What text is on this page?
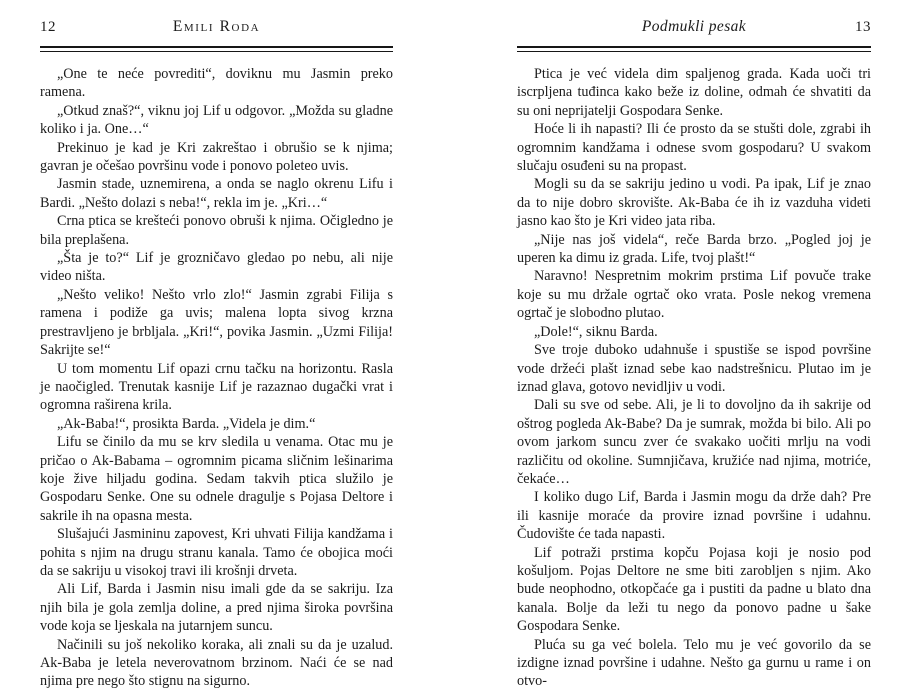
12	Emili Roda

„One te neće povrediti“, doviknu mu Jasmin preko ramena.

„Otkud znaš?“, viknu joj Lif u odgovor. „Možda su gladne koliko i ja. One…“

Prekinuo je kad je Kri zakreštao i obrušio se k njima; gavran je očešao površinu vode i ponovo poleteo uvis.

Jasmin stade, uznemirena, a onda se naglo okrenu Lifu i Bardi. „Nešto dolazi s neba!“, rekla im je. „Kri…“

Crna ptica se krešteći ponovo obruši k njima. Očigledno je bila preplašena.

„Šta je to?“ Lif je grozničavo gledao po nebu, ali nije video ništa.

„Nešto veliko! Nešto vrlo zlo!“ Jasmin zgrabi Filija s ramena i podiže ga uvis; malena lopta sivog krzna prestravljeno je brbljala. „Kri!“, povika Jasmin. „Uzmi Filija! Sakrijte se!“

U tom momentu Lif opazi crnu tačku na horizontu. Rasla je naočigled. Trenutak kasnije Lif je razaznao dugački vrat i ogromna raširena krila.

„Ak-Baba!“, prosikta Barda. „Videla je dim.“

Lifu se činilo da mu se krv sledila u venama. Otac mu je pričao o Ak-Babama – ogromnim picama sličnim lešinarima koje žive hiljadu godina. Sedam takvih ptica služilo je Gospodaru Senke. One su odnele dragulje s Pojasa Deltore i sakrile ih na opasna mesta.

Slušajući Jasmininu zapovest, Kri uhvati Filija kandžama i pohita s njim na drugu stranu kanala. Tamo će obojica moći da se sakriju u visokoj travi ili krošnji drveta.

Ali Lif, Barda i Jasmin nisu imali gde da se sakriju. Iza njih bila je gola zemlja doline, a pred njima široka površina vode koja se ljeskala na jutarnjem suncu.

Načinili su još nekoliko koraka, ali znali su da je uzalud. Ak-Baba je letela neverovatnom brzinom. Naći će se nad njima pre nego što stignu na sigurno.

Podmukli pesak	13

Ptica je već videla dim spaljenog grada. Kada uoči tri iscrpljena tuđinca kako beže iz doline, odmah će shvatiti da su oni neprijatelji Gospodara Senke.

Hoće li ih napasti? Ili će prosto da se stušti dole, zgrabi ih ogromnim kandžama i odnese svom gospodaru? U svakom slučaju osuđeni su na propast.

Mogli su da se sakriju jedino u vodi. Pa ipak, Lif je znao da to nije dobro skrovište. Ak-Baba će ih iz vazduha videti jasno kao što je Kri video jata riba.

„Nije nas još videla“, reče Barda brzo. „Pogled joj je uperen ka dimu iz grada. Life, tvoj plašt!“

Naravno! Nespretnim mokrim prstima Lif povuče trake koje su mu držale ogrtač oko vrata. Posle nekog vremena ogrtač je slobodno plutao.

„Dole!“, siknu Barda.

Sve troje duboko udahnuše i spustiše se ispod površine vode držeći plašt iznad sebe kao nadstrešnicu. Plutao im je iznad glava, gotovo nevidljiv u vodi.

Dali su sve od sebe. Ali, je li to dovoljno da ih sakrije od oštrog pogleda Ak-Babe? Da je sumrak, možda bi bilo. Ali po ovom jarkom suncu zver će svakako uočiti mrlju na vodi različitu od okoline. Sumnjičava, kružiće nad njima, motriće, čekaće…

I koliko dugo Lif, Barda i Jasmin mogu da drže dah? Pre ili kasnije moraće da provire iznad površine i udahnu. Čudovište će tada napasti.

Lif potraži prstima kopču Pojasa koji je nosio pod košuljom. Pojas Deltore ne sme biti zarobljen s njim. Ako bude neophodno, otkopčaće ga i pustiti da padne u blato dna kanala. Bolje da leži tu nego da ponovo padne u šake Gospodara Senke.

Pluća su ga već bolela. Telo mu je već govorilo da se izdigne iznad površine i udahne. Nešto ga gurnu u rame i on otvo-
